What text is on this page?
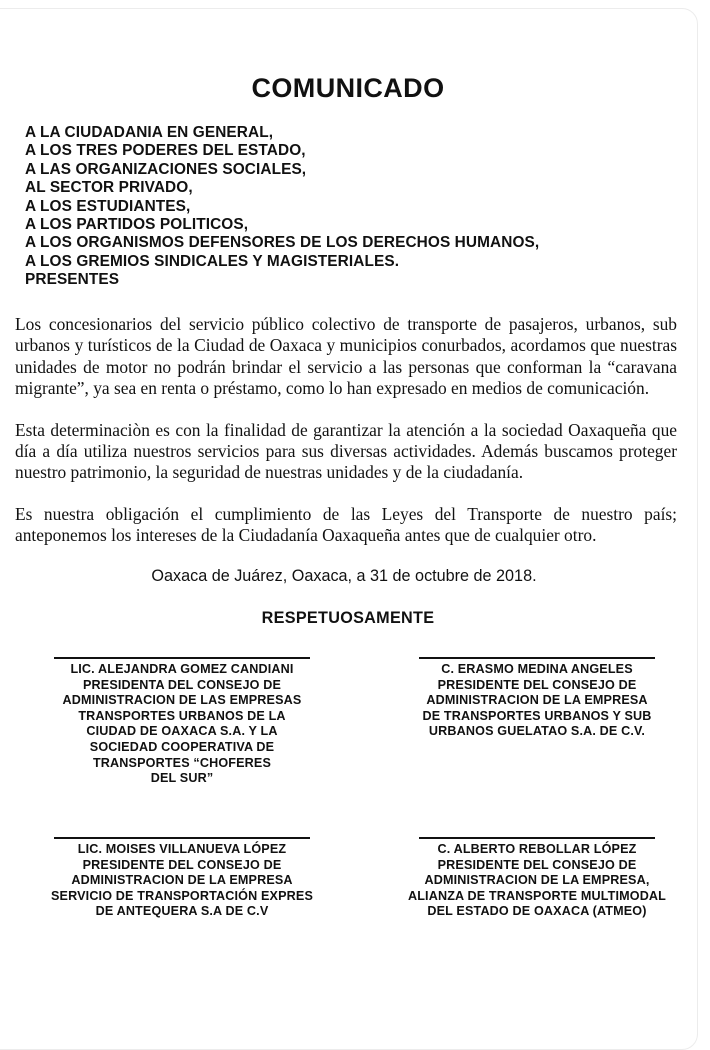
COMUNICADO
A LA CIUDADANIA EN GENERAL,
A LOS TRES PODERES DEL ESTADO,
A LAS ORGANIZACIONES SOCIALES,
AL SECTOR PRIVADO,
A LOS ESTUDIANTES,
A LOS PARTIDOS POLITICOS,
A LOS ORGANISMOS DEFENSORES DE LOS DERECHOS HUMANOS,
A LOS GREMIOS SINDICALES Y MAGISTERIALES.
PRESENTES

Los concesionarios del servicio público colectivo de transporte de pasajeros, urbanos, sub urbanos y turísticos de la Ciudad de Oaxaca y municipios conurbados, acordamos que nuestras unidades de motor no podrán brindar el servicio a las personas que conforman la “caravana migrante”, ya sea en renta o préstamo, como lo han expresado en medios de comunicación.

Esta determinaciòn es con la finalidad de garantizar la atención a la sociedad Oaxaqueña que día a día utiliza nuestros servicios para sus diversas actividades. Además buscamos proteger nuestro patrimonio, la seguridad de nuestras unidades y de la ciudadanía.

Es nuestra obligación el cumplimiento de las Leyes del Transporte de nuestro país; anteponemos los intereses de la Ciudadanía Oaxaqueña antes que de cualquier otro.

Oaxaca de Juárez, Oaxaca, a 31 de octubre de 2018.
RESPETUOSAMENTE
LIC. ALEJANDRA GOMEZ CANDIANI
PRESIDENTA DEL CONSEJO DE
ADMINISTRACION DE LAS EMPRESAS
TRANSPORTES URBANOS DE LA
CIUDAD DE OAXACA S.A. Y LA
SOCIEDAD COOPERATIVA DE
TRANSPORTES “CHOFERES
DEL SUR”
C. ERASMO MEDINA ANGELES
PRESIDENTE DEL CONSEJO DE
ADMINISTRACION DE LA EMPRESA
DE TRANSPORTES URBANOS Y SUB
URBANOS GUELATAO S.A. DE C.V.
LIC. MOISES VILLANUEVA LÓPEZ
PRESIDENTE DEL CONSEJO DE
ADMINISTRACION DE LA EMPRESA
SERVICIO DE TRANSPORTACIÓN EXPRES
DE ANTEQUERA S.A DE C.V
C. ALBERTO REBOLLAR LÓPEZ
PRESIDENTE DEL CONSEJO DE
ADMINISTRACION DE LA EMPRESA,
ALIANZA DE TRANSPORTE MULTIMODAL
DEL ESTADO DE OAXACA (ATMEO)
